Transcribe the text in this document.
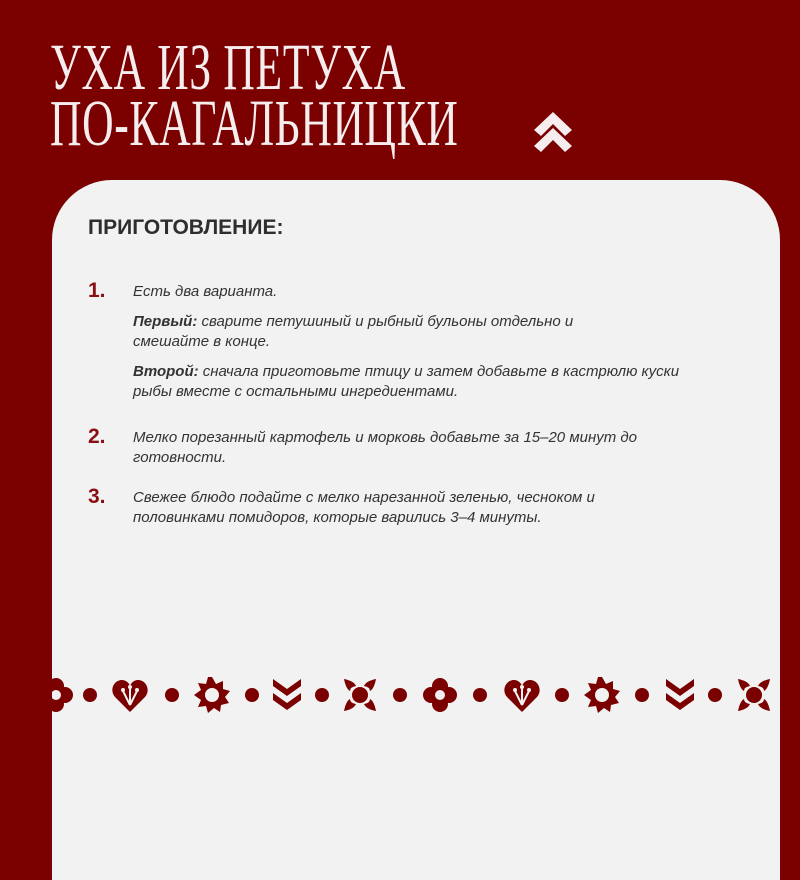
УХА ИЗ ПЕТУХА
ПО-КАГАЛЬНИЦКИ
ПРИГОТОВЛЕНИЕ:
1. Есть два варианта.

Первый: сварите петушиный и рыбный бульоны отдельно и смешайте в конце.

Второй: сначала приготовьте птицу и затем добавьте в кастрюлю куски рыбы вместе с остальными ингредиентами.

2. Мелко порезанный картофель и морковь добавьте за 15–20 минут до готовности.
3. Свежее блюдо подайте с мелко нарезанной зеленью, чесноком и половинками помидоров, которые варились 3–4 минуты.
